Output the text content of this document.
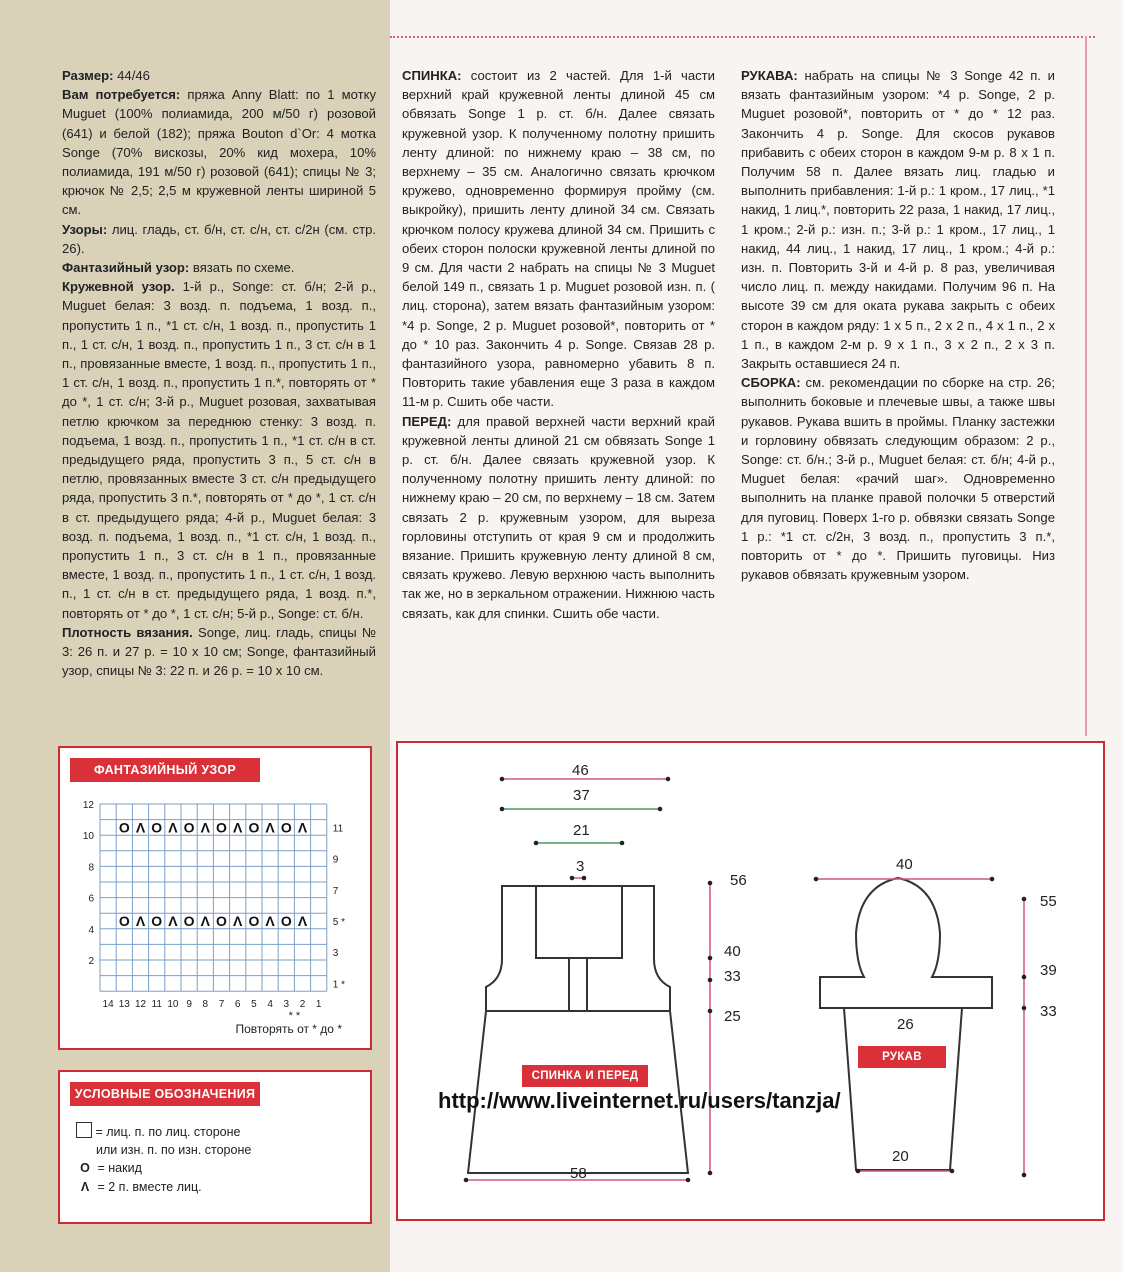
Размер: 44/46

Вам потребуется: пряжа Anny Blatt: по 1 мотку Muguet (100% полиамида, 200 м/50 г) розовой (641) и белой (182); пряжа Bouton d`Or: 4 мотка Songe (70% вискозы, 20% кид мохера, 10% полиамида, 191 м/50 г) розовой (641); спицы № 3; крючок № 2,5; 2,5 м кружевной ленты шириной 5 см.

Узоры: лиц. гладь, ст. б/н, ст. с/н, ст. с/2н (см. стр. 26).

Фантазийный узор: вязать по схеме.

Кружевной узор. 1-й р., Songe: ст. б/н; 2-й р., Muguet белая: 3 возд. п. подъема, 1 возд. п., пропустить 1 п., *1 ст. с/н, 1 возд. п., пропустить 1 п., 1 ст. с/н, 1 возд. п., пропустить 1 п., 3 ст. с/н в 1 п., провязанные вместе, 1 возд. п., пропустить 1 п., 1 ст. с/н, 1 возд. п., пропустить 1 п.*, повторять от * до *, 1 ст. с/н; 3-й р., Muguet розовая, захватывая петлю крючком за переднюю стенку: 3 возд. п. подъема, 1 возд. п., пропустить 1 п., *1 ст. с/н в ст. предыдущего ряда, пропустить 3 п., 5 ст. с/н в петлю, провязанных вместе 3 ст. с/н предыдущего ряда, пропустить 3 п.*, повторять от * до *, 1 ст. с/н в ст. предыдущего ряда; 4-й р., Muguet белая: 3 возд. п. подъема, 1 возд. п., *1 ст. с/н, 1 возд. п., пропустить 1 п., 3 ст. с/н в 1 п., провязанные вместе, 1 возд. п., пропустить 1 п., 1 ст. с/н, 1 возд. п., 1 ст. с/н в ст. предыдущего ряда, 1 возд. п.*, повторять от * до *, 1 ст. с/н; 5-й р., Songe: ст. б/н.

Плотность вязания. Songe, лиц. гладь, спицы № 3: 26 п. и 27 р. = 10 х 10 см; Songe, фантазийный узор, спицы № 3: 22 п. и 26 р. = 10 х 10 см.

СПИНКА: состоит из 2 частей. Для 1-й части верхний край кружевной ленты длиной 45 см обвязать Songe 1 р. ст. б/н. Далее связать кружевной узор. К полученному полотну пришить ленту длиной: по нижнему краю – 38 см, по верхнему – 35 см. Аналогично связать крючком кружево, одновременно формируя пройму (см. выкройку), пришить ленту длиной 34 см. Связать крючком полосу кружева длиной 34 см. Пришить с обеих сторон полоски кружевной ленты длиной по 9 см. Для части 2 набрать на спицы № 3 Muguet белой 149 п., связать 1 р. Muguet розовой изн. п. ( лиц. сторона), затем вязать фантазийным узором: *4 р. Songe, 2 р. Muguet розовой*, повторить от * до * 10 раз. Закончить 4 р. Songe. Связав 28 р. фантазийного узора, равномерно убавить 8 п. Повторить такие убавления еще 3 раза в каждом 11-м р. Сшить обе части.

ПЕРЕД: для правой верхней части верхний край кружевной ленты длиной 21 см обвязать Songe 1 р. ст. б/н. Далее связать кружевной узор. К полученному полотну пришить ленту длиной: по нижнему краю – 20 см, по верхнему – 18 см. Затем связать 2 р. кружевным узором, для выреза горловины отступить от края 9 см и продолжить вязание. Пришить кружевную ленту длиной 8 см, связать кружево. Левую верхнюю часть выполнить так же, но в зеркальном отражении. Нижнюю часть связать, как для спинки. Сшить обе части.

РУКАВА: набрать на спицы № 3 Songe 42 п. и вязать фантазийным узором: *4 р. Songe, 2 р. Muguet розовой*, повторить от * до * 12 раз. Закончить 4 р. Songe. Для скосов рукавов прибавить с обеих сторон в каждом 9-м р. 8 х 1 п. Получим 58 п. Далее вязать лиц. гладью и выполнить прибавления: 1-й р.: 1 кром., 17 лиц., *1 накид, 1 лиц.*, повторить 22 раза, 1 накид, 17 лиц., 1 кром.; 2-й р.: изн. п.; 3-й р.: 1 кром., 17 лиц., 1 накид, 44 лиц., 1 накид, 17 лиц., 1 кром.; 4-й р.: изн. п. Повторить 3-й и 4-й р. 8 раз, увеличивая число лиц. п. между накидами. Получим 96 п. На высоте 39 см для оката рукава закрыть с обеих сторон в каждом ряду: 1 х 5 п., 2 х 2 п., 4 х 1 п., 2 х 1 п., в каждом 2-м р. 9 х 1 п., 3 х 2 п., 2 х 3 п. Закрыть оставшиеся 24 п.

СБОРКА: см. рекомендации по сборке на стр. 26; выполнить боковые и плечевые швы, а также швы рукавов. Рукава вшить в проймы. Планку застежки и горловину обвязать следующим образом: 2 р., Songe: ст. б/н.; 3-й р., Muguet белая: ст. б/н; 4-й р., Muguet белая: «рачий шаг». Одновременно выполнить на планке правой полочки 5 отверстий для пуговиц. Поверх 1-го р. обвязки связать Songe 1 р.: *1 ст. с/2н, 3 возд. п., пропустить 3 п.*, повторить от * до *. Пришить пуговицы. Низ рукавов обвязать кружевным узором.

ФАНТАЗИЙНЫЙ УЗОР
O Λ O Λ O Λ O Λ O Λ O Λ
O Λ O Λ O Λ O Λ O Λ O Λ
12
10
8
6
4
2
11
9
7
5 *
3
1 *
14 13 12 11 10 9 8 7 6 5 4 3 2 1
* *
Повторять от * до *
УСЛОВНЫЕ ОБОЗНАЧЕНИЯ
= лиц. п. по лиц. стороне
или изн. п. по изн. стороне
O = накид
Λ = 2 п. вместе лиц.
46
37
21
3
56
40
33
25
58
40
55
39
33
26
20
СПИНКА И ПЕРЕД
РУКАВ
http://www.liveinternet.ru/users/tanzja/
